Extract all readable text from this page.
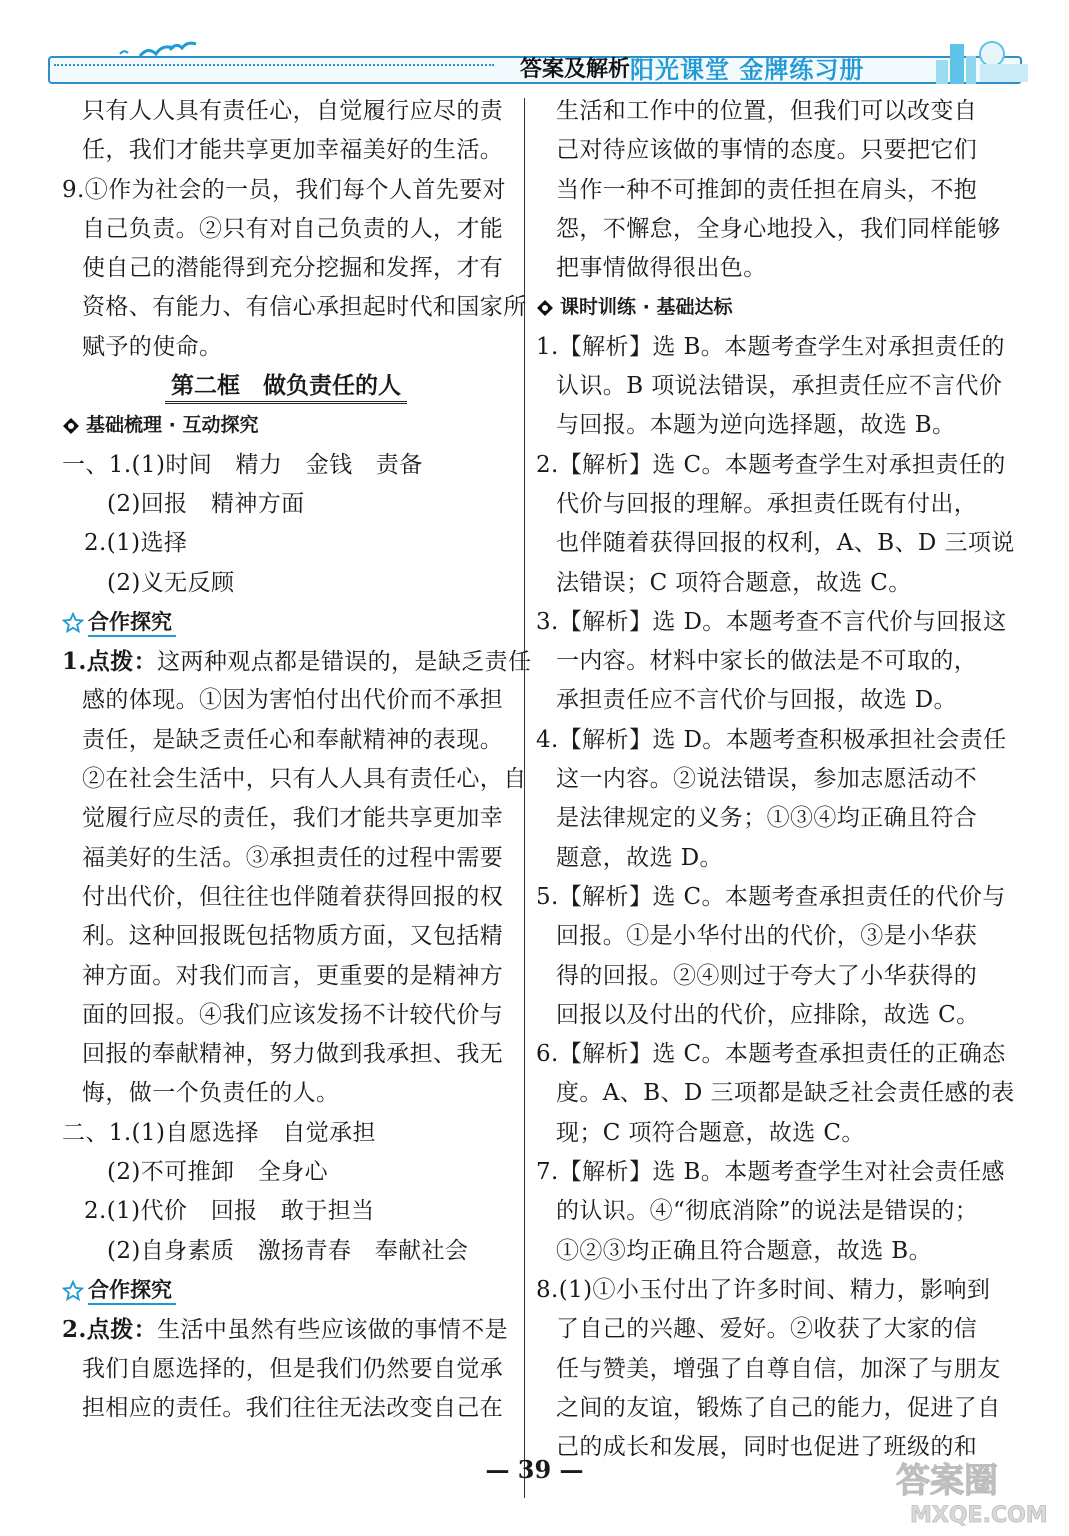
答案及解析 阳光课堂 金牌练习册
只有人人具有责任心，自觉履行应尽的责
任，我们才能共享更加幸福美好的生活。
9.①作为社会的一员，我们每个人首先要对
自己负责。②只有对自己负责的人，才能
使自己的潜能得到充分挖掘和发挥，才有
资格、有能力、有信心承担起时代和国家所
赋予的使命。
第二框　做负责任的人
基础梳理 · 互动探究
一、1.(1)时间　精力　金钱　责备
(2)回报　精神方面
2.(1)选择
(2)义无反顾
合作探究
1.点拨：这两种观点都是错误的，是缺乏责任
感的体现。①因为害怕付出代价而不承担
责任，是缺乏责任心和奉献精神的表现。
②在社会生活中，只有人人具有责任心，自
觉履行应尽的责任，我们才能共享更加幸
福美好的生活。③承担责任的过程中需要
付出代价，但往往也伴随着获得回报的权
利。这种回报既包括物质方面，又包括精
神方面。对我们而言，更重要的是精神方
面的回报。④我们应该发扬不计较代价与
回报的奉献精神，努力做到我承担、我无
悔，做一个负责任的人。
二、1.(1)自愿选择　自觉承担
(2)不可推卸　全身心
2.(1)代价　回报　敢于担当
(2)自身素质　激扬青春　奉献社会
合作探究
2.点拨：生活中虽然有些应该做的事情不是
我们自愿选择的，但是我们仍然要自觉承
担相应的责任。我们往往无法改变自己在
生活和工作中的位置，但我们可以改变自
己对待应该做的事情的态度。只要把它们
当作一种不可推卸的责任担在肩头，不抱
怨，不懈怠，全身心地投入，我们同样能够
把事情做得很出色。
课时训练 · 基础达标
1.【解析】选 B。本题考查学生对承担责任的
认识。B 项说法错误，承担责任应不言代价
与回报。本题为逆向选择题，故选 B。
2.【解析】选 C。本题考查学生对承担责任的
代价与回报的理解。承担责任既有付出，
也伴随着获得回报的权利，A、B、D 三项说
法错误；C 项符合题意，故选 C。
3.【解析】选 D。本题考查不言代价与回报这
一内容。材料中家长的做法是不可取的，
承担责任应不言代价与回报，故选 D。
4.【解析】选 D。本题考查积极承担社会责任
这一内容。②说法错误，参加志愿活动不
是法律规定的义务；①③④均正确且符合
题意，故选 D。
5.【解析】选 C。本题考查承担责任的代价与
回报。①是小华付出的代价，③是小华获
得的回报。②④则过于夸大了小华获得的
回报以及付出的代价，应排除，故选 C。
6.【解析】选 C。本题考查承担责任的正确态
度。A、B、D 三项都是缺乏社会责任感的表
现；C 项符合题意，故选 C。
7.【解析】选 B。本题考查学生对社会责任感
的认识。④“彻底消除”的说法是错误的；
①②③均正确且符合题意，故选 B。
8.(1)①小玉付出了许多时间、精力，影响到
了自己的兴趣、爱好。②收获了大家的信
任与赞美，增强了自尊自信，加深了与朋友
之间的友谊，锻炼了自己的能力，促进了自
己的成长和发展，同时也促进了班级的和
— 39 —	答案圈
MXQE.COM
